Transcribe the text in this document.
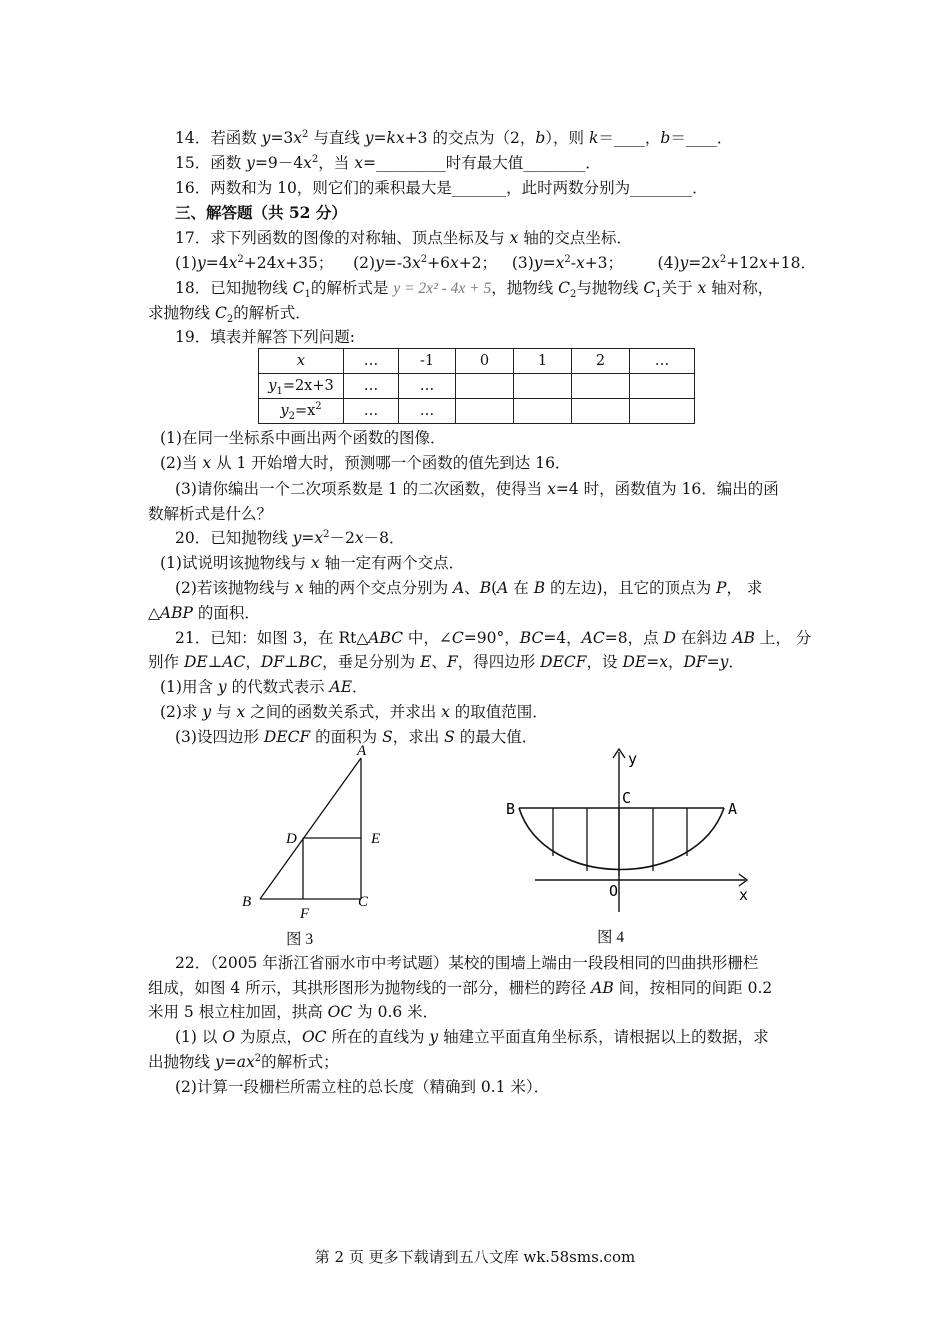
14．若函数 $y=3x^2$ 与直线 y=kx+3 的交点为（2，b），则 k＝____，b＝____．
15．函数 $y=9-4x^2$，当 x=_________时有最大值________．
16．两数和为 10，则它们的乘积最大是_______，此时两数分别为________．
三、解答题（共 52 分）
17．求下列函数的图像的对称轴、顶点坐标及与 x 轴的交点坐标．
$(1)y=4x^2+24x+35$； $(2)y=-3x^2+6x+2$； $(3)y=x^2-x+3$； $(4)y=2x^2+12x+18$．
18．已知抛物线 $C_1$的解析式是 y = 2x² - 4x + 5，抛物线 $C_2$与抛物线 $C_1$关于 x 轴对称，
求抛物线 $C_2$的解析式．
19．填表并解答下列问题:
x	…	-1	0	1	2	…
$y_1=2x+3$	…	…				
$y_2=x^2$	…	…				
(1)在同一坐标系中画出两个函数的图像．
(2)当 x 从 1 开始增大时，预测哪一个函数的值先到达 16．
(3)请你编出一个二次项系数是 1 的二次函数，使得当 x=4 时，函数值为 16．编出的函
数解析式是什么？
20．已知抛物线 $y=x^2-2x-8$．
(1)试说明该抛物线与 x 轴一定有两个交点．
(2)若该抛物线与 x 轴的两个交点分别为 A、B(A 在 B 的左边)，且它的顶点为 P， 求
△ABP 的面积．
21．已知：如图 3，在 Rt△ABC 中，∠C=90°，BC=4，AC=8，点 D 在斜边 AB 上， 分
别作 DE⊥AC，DF⊥BC，垂足分别为 E、F，得四边形 DECF，设 DE=x，DF=y．
(1)用含 y 的代数式表示 AE．
(2)求 y 与 x 之间的函数关系式，并求出 x 的取值范围．
(3)设四边形 DECF 的面积为 S，求出 S 的最大值．
A
B	C
D	E
F
图 3
y
C
B	A
O	x
图 4
22．（2005 年浙江省丽水市中考试题）某校的围墙上端由一段段相同的凹曲拱形栅栏
组成，如图 4 所示，其拱形图形为抛物线的一部分，栅栏的跨径 AB 间，按相同的间距 0.2
米用 5 根立柱加固，拱高 OC 为 0.6 米．
(1) 以 O 为原点，OC 所在的直线为 y 轴建立平面直角坐标系，请根据以上的数据，求
出抛物线 $y=ax^2$的解析式；
(2)计算一段栅栏所需立柱的总长度（精确到 0.1 米）．
第 2 页 更多下载请到五八文库 wk.58sms.com
